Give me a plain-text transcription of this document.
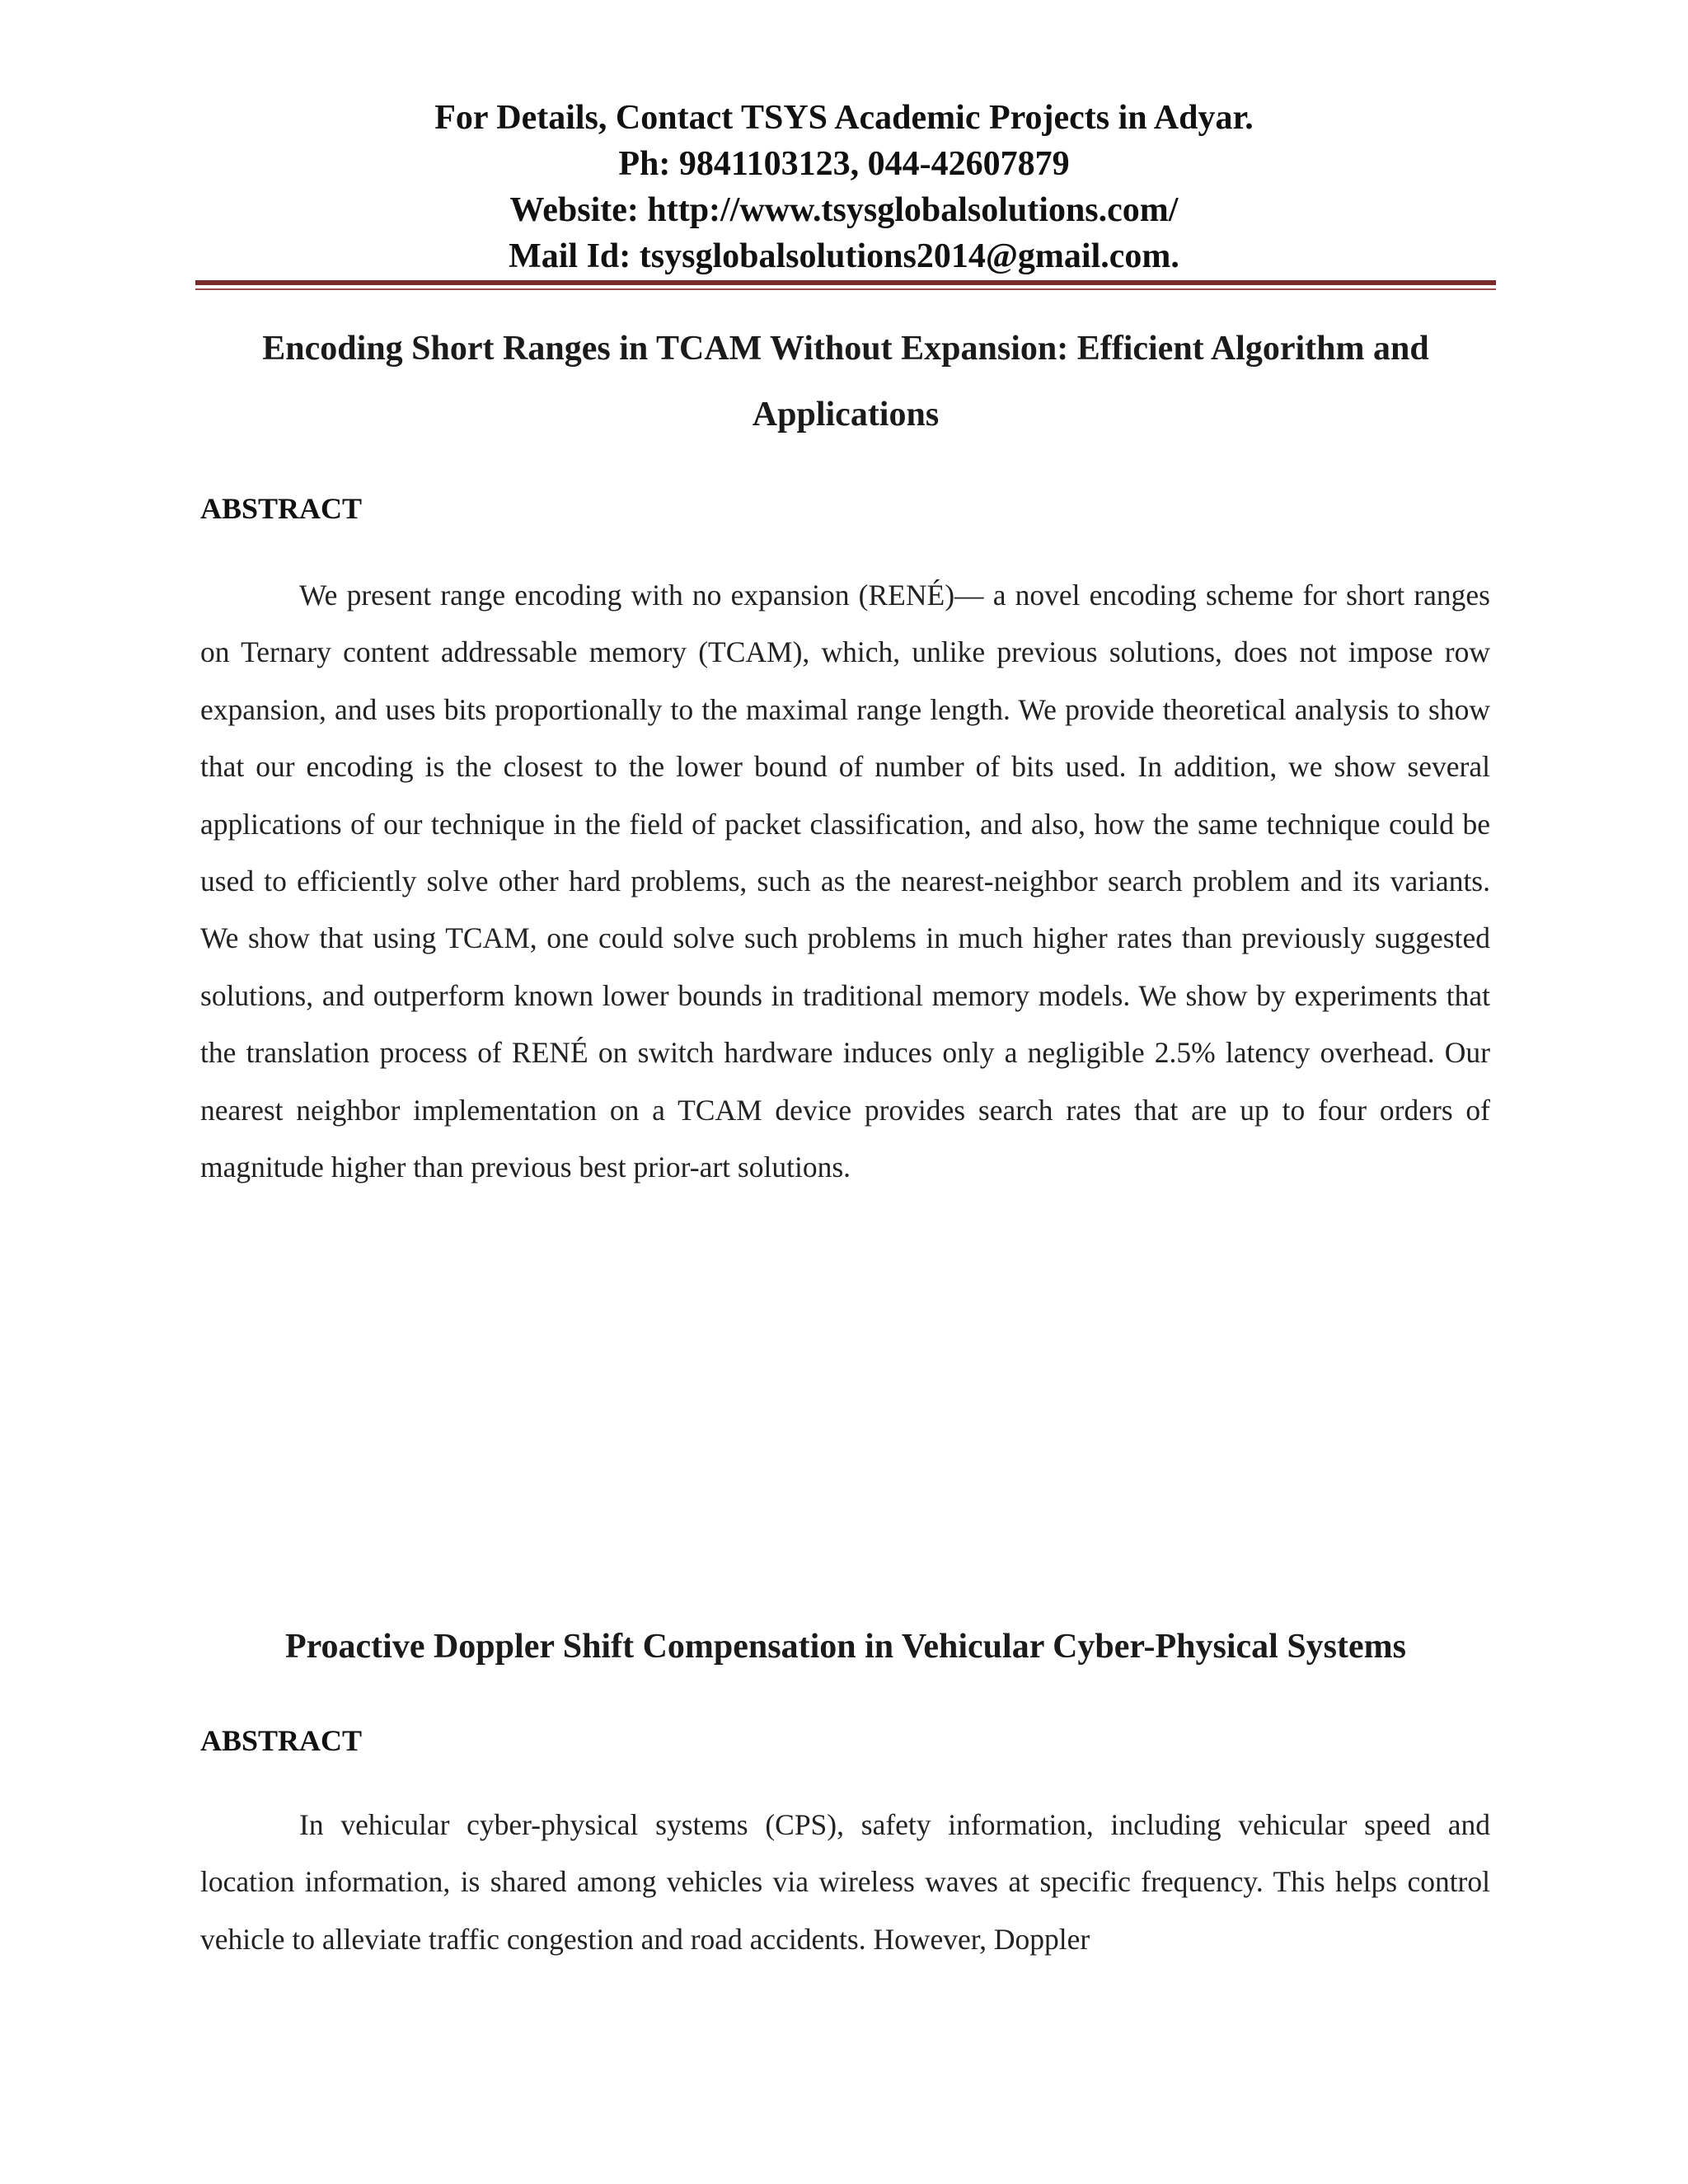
For Details, Contact TSYS Academic Projects in Adyar.
Ph: 9841103123, 044-42607879
Website: http://www.tsysglobalsolutions.com/
Mail Id: tsysglobalsolutions2014@gmail.com.
Encoding Short Ranges in TCAM Without Expansion: Efficient Algorithm and Applications
ABSTRACT

We present range encoding with no expansion (RENÉ)— a novel encoding scheme for short ranges on Ternary content addressable memory (TCAM), which, unlike previous solutions, does not impose row expansion, and uses bits proportionally to the maximal range length. We provide theoretical analysis to show that our encoding is the closest to the lower bound of number of bits used. In addition, we show several applications of our technique in the field of packet classification, and also, how the same technique could be used to efficiently solve other hard problems, such as the nearest-neighbor search problem and its variants. We show that using TCAM, one could solve such problems in much higher rates than previously suggested solutions, and outperform known lower bounds in traditional memory models. We show by experiments that the translation process of RENÉ on switch hardware induces only a negligible 2.5% latency overhead. Our nearest neighbor implementation on a TCAM device provides search rates that are up to four orders of magnitude higher than previous best prior-art solutions.

Proactive Doppler Shift Compensation in Vehicular Cyber-Physical Systems
ABSTRACT

In vehicular cyber-physical systems (CPS), safety information, including vehicular speed and location information, is shared among vehicles via wireless waves at specific frequency. This helps control vehicle to alleviate traffic congestion and road accidents. However, Doppler
